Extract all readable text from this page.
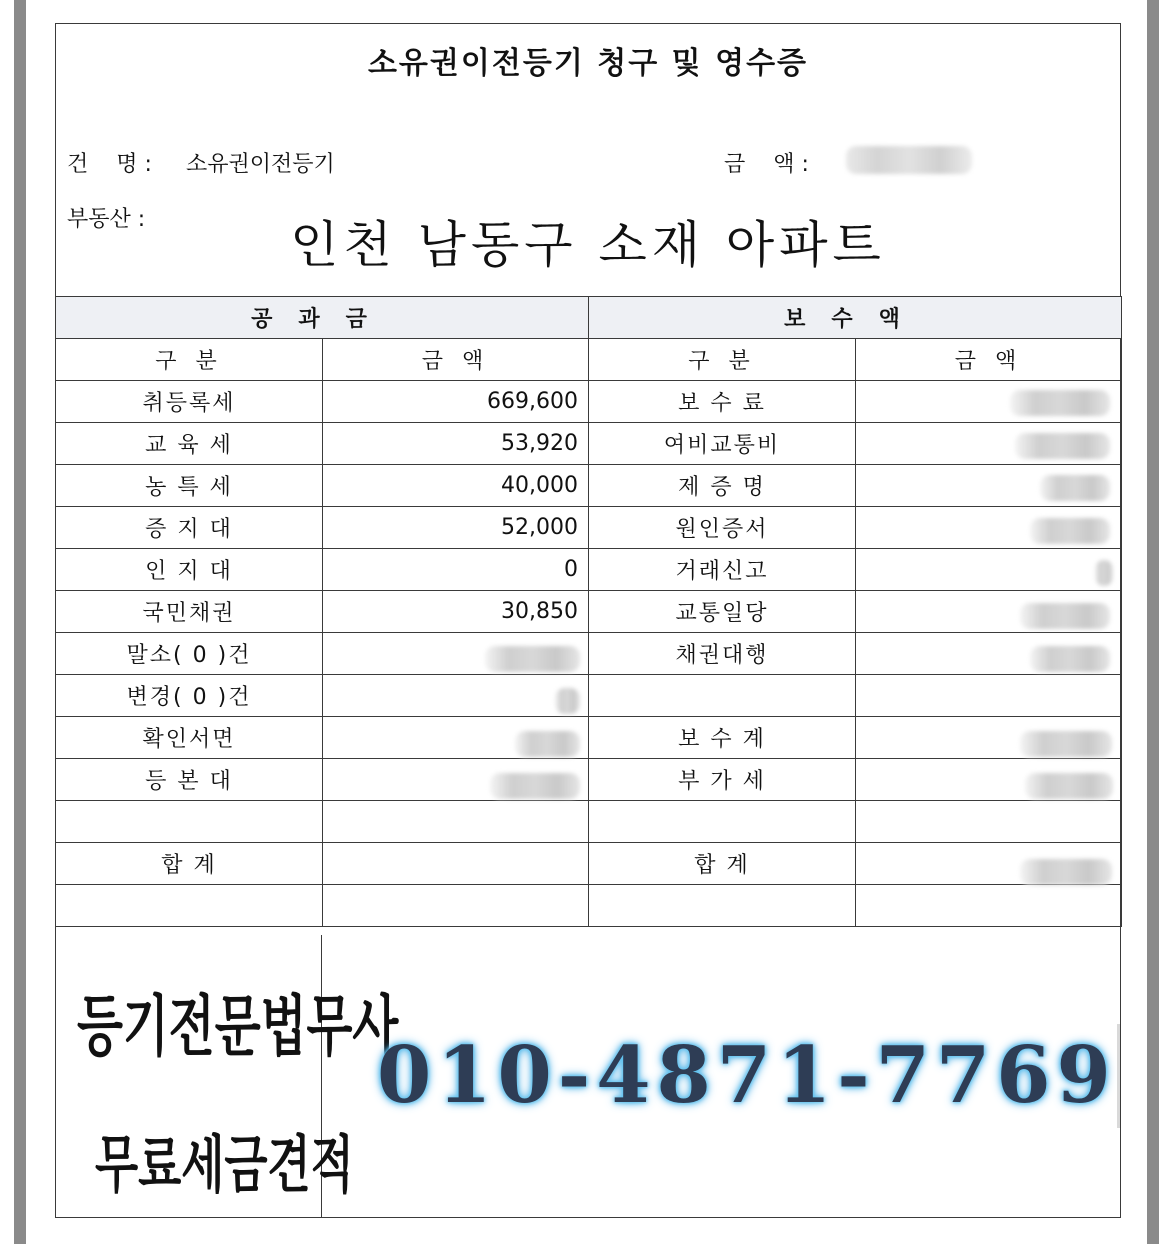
소유권이전등기 청구 및 영수증
건    명 : 소유권이전등기	금    액 :
부동산 :	인천 남동구 소재 아파트
공과금		보수액	
구 분	금 액	구 분	금 액
취등록세	669,600	보 수 료	
교 육 세	53,920	여비교통비	
농 특 세	40,000	제 증 명	
증 지 대	52,000	원인증서	
인 지 대	0	거래신고	
국민채권	30,850	교통일당	
말소( 0 )건		채권대행	
변경( 0 )건			
확인서면		보 수 계	
등 본 대		부 가 세	

합 계		합 계	

등기전문법무사
무료세금견적
010-4871-7769
